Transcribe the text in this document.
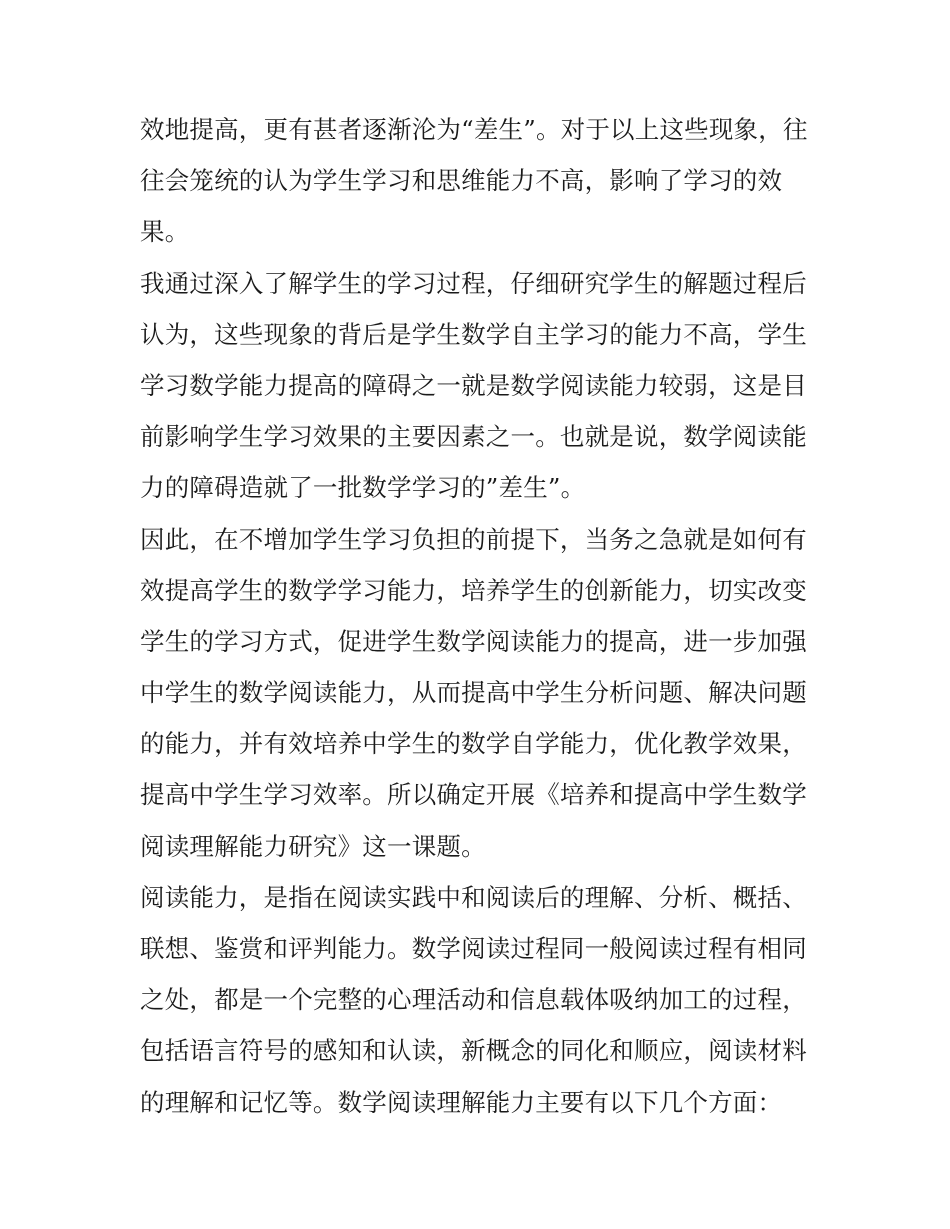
效地提高，更有甚者逐渐沦为“差生”。对于以上这些现象，往
往会笼统的认为学生学习和思维能力不高，影响了学习的效
果。

我通过深入了解学生的学习过程，仔细研究学生的解题过程后
认为，这些现象的背后是学生数学自主学习的能力不高，学生
学习数学能力提高的障碍之一就是数学阅读能力较弱，这是目
前影响学生学习效果的主要因素之一。也就是说，数学阅读能
力的障碍造就了一批数学学习的”差生”。

因此，在不增加学生学习负担的前提下，当务之急就是如何有
效提高学生的数学学习能力，培养学生的创新能力，切实改变
学生的学习方式，促进学生数学阅读能力的提高，进一步加强
中学生的数学阅读能力，从而提高中学生分析问题、解决问题
的能力，并有效培养中学生的数学自学能力，优化教学效果，
提高中学生学习效率。所以确定开展《培养和提高中学生数学
阅读理解能力研究》这一课题。

阅读能力，是指在阅读实践中和阅读后的理解、分析、概括、
联想、鉴赏和评判能力。数学阅读过程同一般阅读过程有相同
之处，都是一个完整的心理活动和信息载体吸纳加工的过程，
包括语言符号的感知和认读，新概念的同化和顺应，阅读材料
的理解和记忆等。数学阅读理解能力主要有以下几个方面：
